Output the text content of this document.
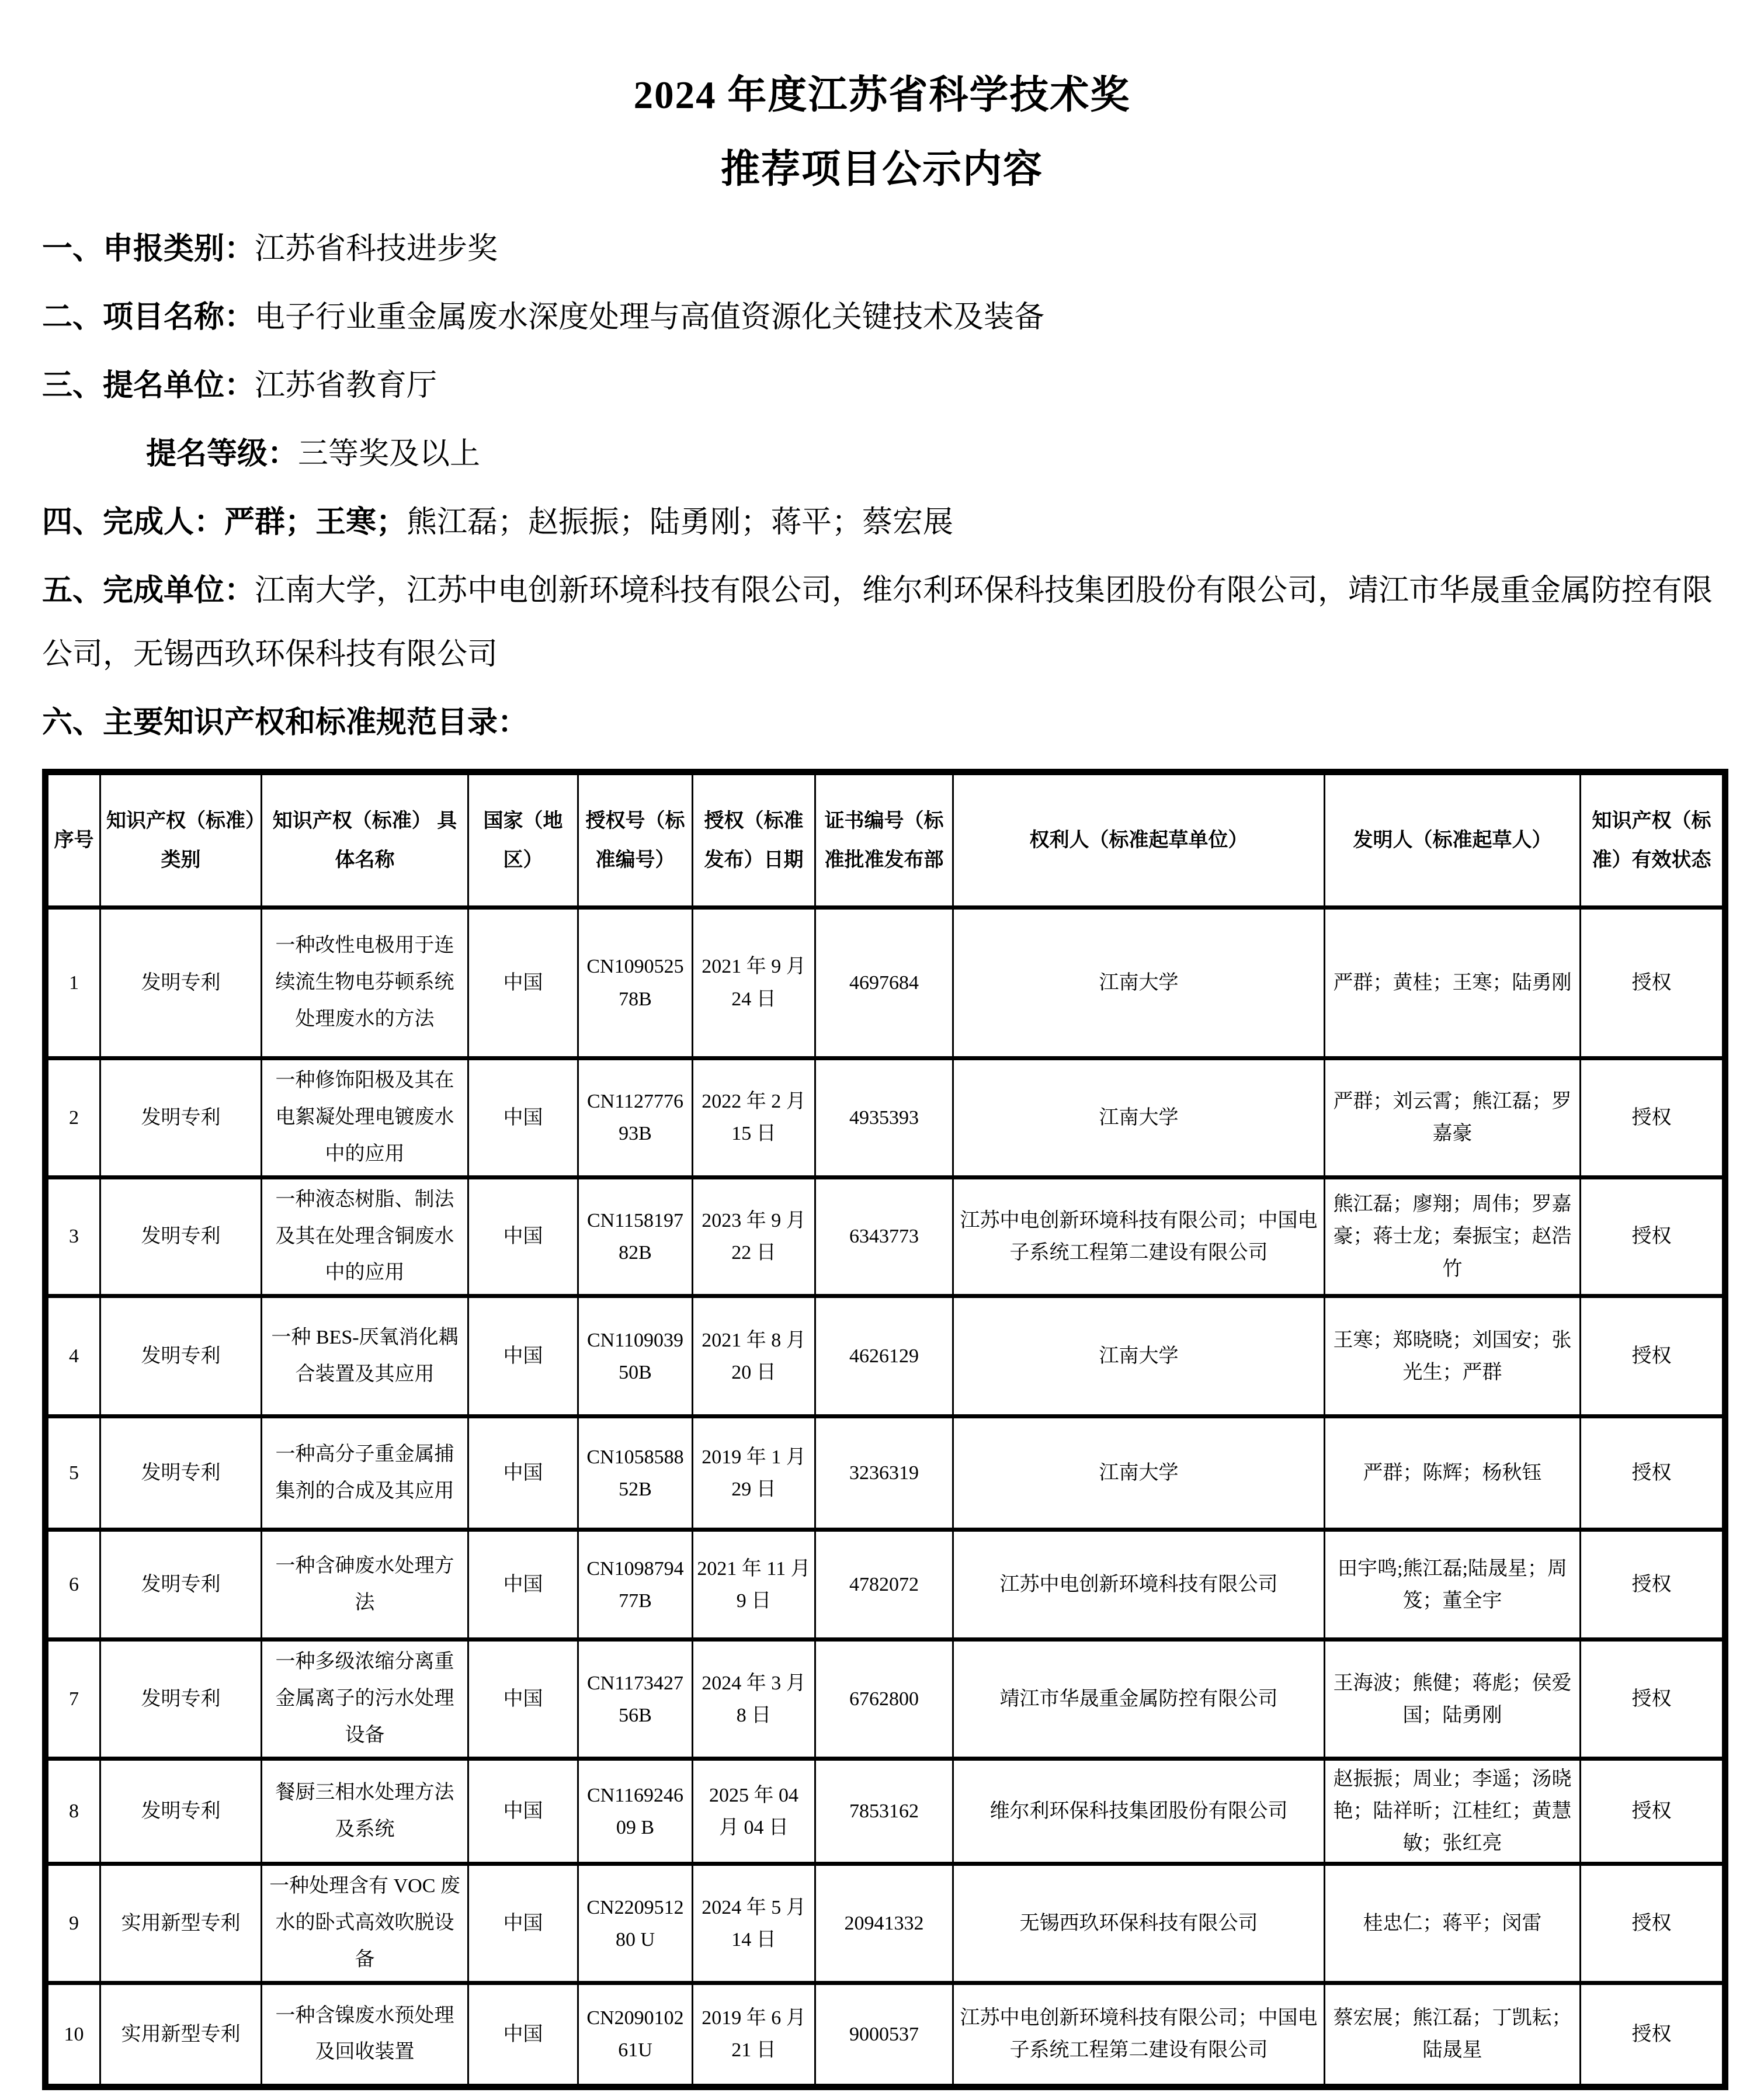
2024 年度江苏省科学技术奖
推荐项目公示内容

一、申报类别：江苏省科技进步奖

二、项目名称：电子行业重金属废水深度处理与高值资源化关键技术及装备

三、提名单位：江苏省教育厅

提名等级：三等奖及以上

四、完成人：严群；王寒；熊江磊；赵振振；陆勇刚；蒋平；蔡宏展

五、完成单位：江南大学，江苏中电创新环境科技有限公司，维尔利环保科技集团股份有限公司，靖江市华晟重金属防控有限公司，无锡西玖环保科技有限公司

六、主要知识产权和标准规范目录：

序号	知识产权（标准）类别	知识产权（标准） 具体名称	国家（地区）	授权号（标准编号）	授权（标准发布）日期	证书编号（标准批准发布部	权利人（标准起草单位）	发明人（标准起草人）	知识产权（标准）有效状态
1	发明专利	一种改性电极用于连续流生物电芬顿系统处理废水的方法	中国	CN109052578B	2021 年 9 月 24 日	4697684	江南大学	严群；黄桂；王寒；陆勇刚	授权
2	发明专利	一种修饰阳极及其在电絮凝处理电镀废水中的应用	中国	CN112777693B	2022 年 2 月 15 日	4935393	江南大学	严群；刘云霄；熊江磊；罗嘉豪	授权
3	发明专利	一种液态树脂、制法及其在处理含铜废水中的应用	中国	CN115819782B	2023 年 9 月 22 日	6343773	江苏中电创新环境科技有限公司；中国电子系统工程第二建设有限公司	熊江磊；廖翔；周伟；罗嘉豪；蒋士龙；秦振宝；赵浩竹	授权
4	发明专利	一种 BES-厌氧消化耦合装置及其应用	中国	CN110903950B	2021 年 8 月 20 日	4626129	江南大学	王寒；郑晓晓；刘国安；张光生；严群	授权
5	发明专利	一种高分子重金属捕集剂的合成及其应用	中国	CN105858852B	2019 年 1 月 29 日	3236319	江南大学	严群；陈辉；杨秋钰	授权
6	发明专利	一种含砷废水处理方法	中国	CN109879477B	2021 年 11 月 9 日	4782072	江苏中电创新环境科技有限公司	田宇鸣;熊江磊;陆晟星；周笈；董全宇	授权
7	发明专利	一种多级浓缩分离重金属离子的污水处理设备	中国	CN117342756B	2024 年 3 月 8 日	6762800	靖江市华晟重金属防控有限公司	王海波；熊健；蒋彪；侯爱国；陆勇刚	授权
8	发明专利	餐厨三相水处理方法及系统	中国	CN116924609 B	2025 年 04 月 04 日	7853162	维尔利环保科技集团股份有限公司	赵振振；周业；李遥；汤晓艳；陆祥昕；江桂红；黄慧敏；张红亮	授权
9	实用新型专利	一种处理含有 VOC 废水的卧式高效吹脱设备	中国	CN220951280 U	2024 年 5 月 14 日	20941332	无锡西玖环保科技有限公司	桂忠仁；蒋平；闵雷	授权
10	实用新型专利	一种含镍废水预处理及回收装置	中国	CN209010261U	2019 年 6 月 21 日	9000537	江苏中电创新环境科技有限公司；中国电子系统工程第二建设有限公司	蔡宏展；熊江磊；丁凯耘；陆晟星	授权
